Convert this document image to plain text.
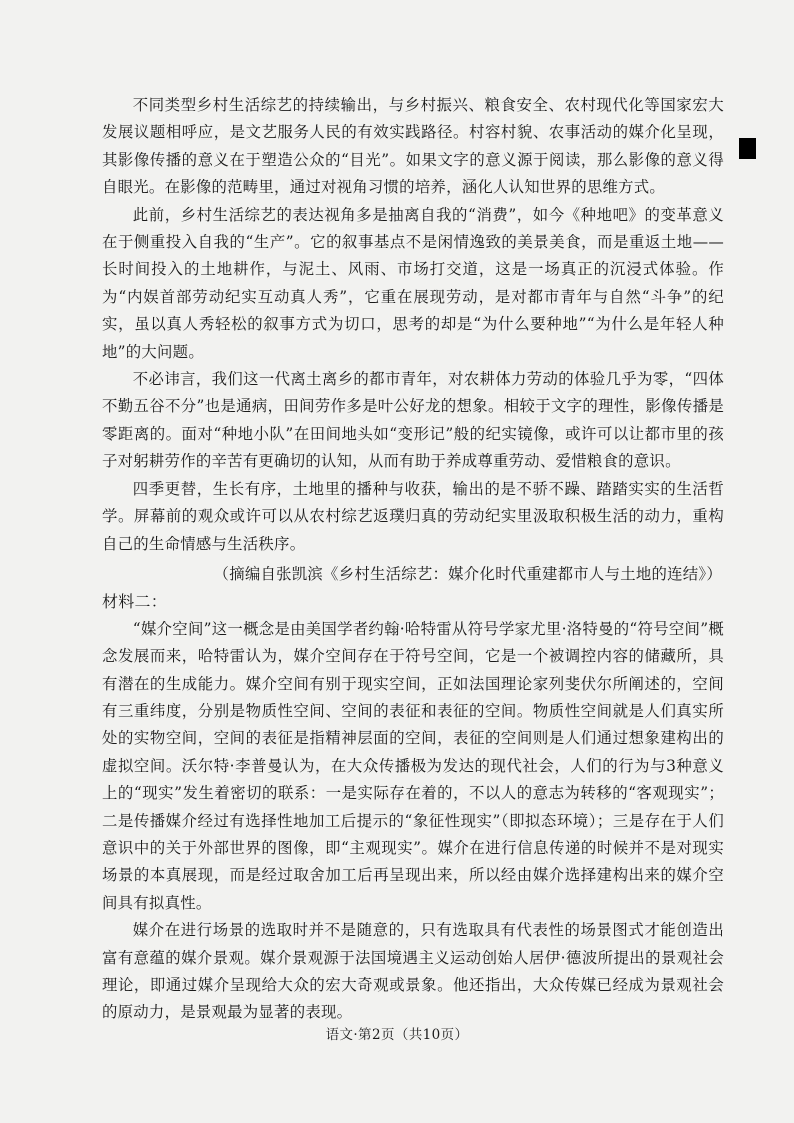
不同类型乡村生活综艺的持续输出，与乡村振兴、粮食安全、农村现代化等国家宏大发展议题相呼应，是文艺服务人民的有效实践路径。村容村貌、农事活动的媒介化呈现，其影像传播的意义在于塑造公众的“目光”。如果文字的意义源于阅读，那么影像的意义得自眼光。在影像的范畴里，通过对视角习惯的培养，涵化人认知世界的思维方式。

此前，乡村生活综艺的表达视角多是抽离自我的“消费”，如今《种地吧》的变革意义在于侧重投入自我的“生产”。它的叙事基点不是闲情逸致的美景美食，而是重返土地——长时间投入的土地耕作，与泥土、风雨、市场打交道，这是一场真正的沉浸式体验。作为“内娱首部劳动纪实互动真人秀”，它重在展现劳动，是对都市青年与自然“斗争”的纪实，虽以真人秀轻松的叙事方式为切口，思考的却是“为什么要种地”“为什么是年轻人种地”的大问题。

不必讳言，我们这一代离土离乡的都市青年，对农耕体力劳动的体验几乎为零，“四体不勤五谷不分”也是通病，田间劳作多是叶公好龙的想象。相较于文字的理性，影像传播是零距离的。面对“种地小队”在田间地头如“变形记”般的纪实镜像，或许可以让都市里的孩子对躬耕劳作的辛苦有更确切的认知，从而有助于养成尊重劳动、爱惜粮食的意识。

四季更替，生长有序，土地里的播种与收获，输出的是不骄不躁、踏踏实实的生活哲学。屏幕前的观众或许可以从农村综艺返璞归真的劳动纪实里汲取积极生活的动力，重构自己的生命情感与生活秩序。

（摘编自张凯滨《乡村生活综艺：媒介化时代重建都市人与土地的连结》）

材料二：

“媒介空间”这一概念是由美国学者约翰·哈特雷从符号学家尤里·洛特曼的“符号空间”概念发展而来，哈特雷认为，媒介空间存在于符号空间，它是一个被调控内容的储藏所，具有潜在的生成能力。媒介空间有别于现实空间，正如法国理论家列斐伏尔所阐述的，空间有三重纬度，分别是物质性空间、空间的表征和表征的空间。物质性空间就是人们真实所处的实物空间，空间的表征是指精神层面的空间，表征的空间则是人们通过想象建构出的虚拟空间。沃尔特·李普曼认为，在大众传播极为发达的现代社会，人们的行为与3种意义上的“现实”发生着密切的联系：一是实际存在着的，不以人的意志为转移的“客观现实”；二是传播媒介经过有选择性地加工后提示的“象征性现实”（即拟态环境）；三是存在于人们意识中的关于外部世界的图像，即“主观现实”。媒介在进行信息传递的时候并不是对现实场景的本真展现，而是经过取舍加工后再呈现出来，所以经由媒介选择建构出来的媒介空间具有拟真性。

媒介在进行场景的选取时并不是随意的，只有选取具有代表性的场景图式才能创造出富有意蕴的媒介景观。媒介景观源于法国境遇主义运动创始人居伊·德波所提出的景观社会理论，即通过媒介呈现给大众的宏大奇观或景象。他还指出，大众传媒已经成为景观社会的原动力，是景观最为显著的表现。

语文·第2页（共10页）
